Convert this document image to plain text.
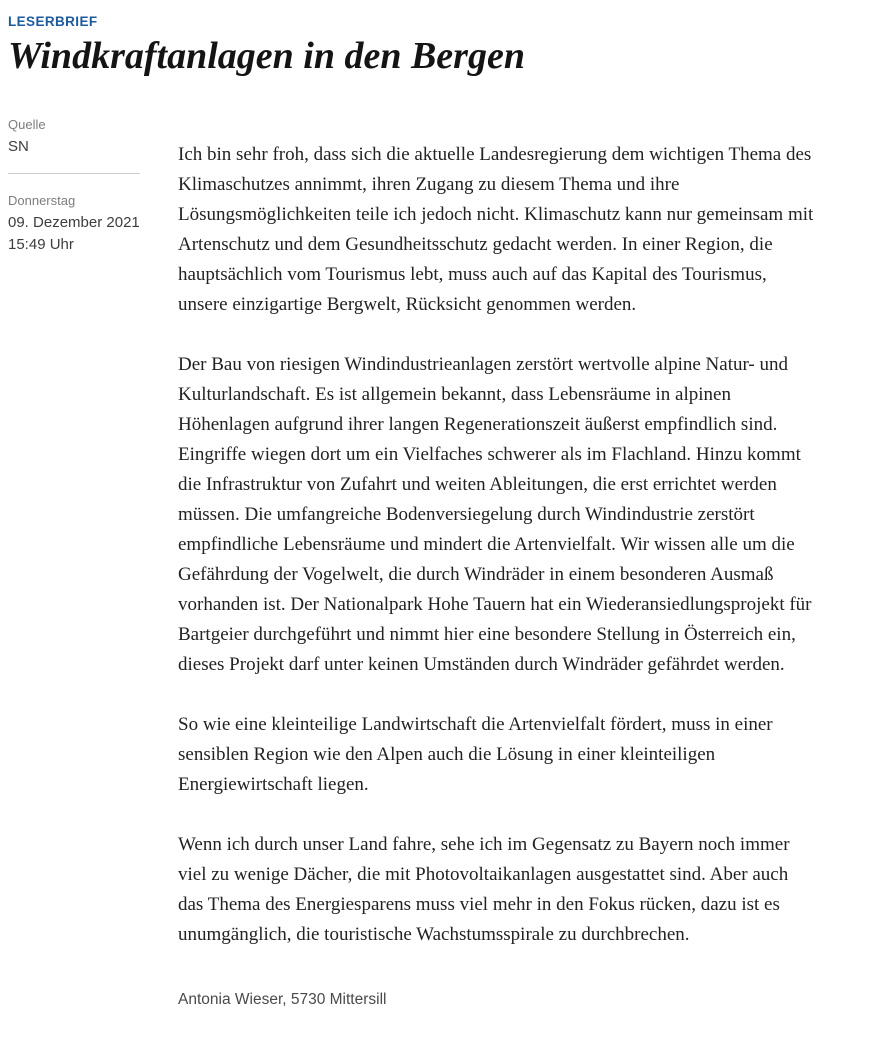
LESERBRIEF
Windkraftanlagen in den Bergen
Quelle
SN
Donnerstag
09. Dezember 2021
15:49 Uhr

Ich bin sehr froh, dass sich die aktuelle Landesregierung dem wichtigen Thema des Klimaschutzes annimmt, ihren Zugang zu diesem Thema und ihre Lösungsmöglichkeiten teile ich jedoch nicht. Klimaschutz kann nur gemeinsam mit Artenschutz und dem Gesundheitsschutz gedacht werden. In einer Region, die hauptsächlich vom Tourismus lebt, muss auch auf das Kapital des Tourismus, unsere einzigartige Bergwelt, Rücksicht genommen werden.

Der Bau von riesigen Windindustrieanlagen zerstört wertvolle alpine Natur- und Kulturlandschaft. Es ist allgemein bekannt, dass Lebensräume in alpinen Höhenlagen aufgrund ihrer langen Regenerationszeit äußerst empfindlich sind. Eingriffe wiegen dort um ein Vielfaches schwerer als im Flachland. Hinzu kommt die Infrastruktur von Zufahrt und weiten Ableitungen, die erst errichtet werden müssen. Die umfangreiche Bodenversiegelung durch Windindustrie zerstört empfindliche Lebensräume und mindert die Artenvielfalt. Wir wissen alle um die Gefährdung der Vogelwelt, die durch Windräder in einem besonderen Ausmaß vorhanden ist. Der Nationalpark Hohe Tauern hat ein Wiederansiedlungsprojekt für Bartgeier durchgeführt und nimmt hier eine besondere Stellung in Österreich ein, dieses Projekt darf unter keinen Umständen durch Windräder gefährdet werden.

So wie eine kleinteilige Landwirtschaft die Artenvielfalt fördert, muss in einer sensiblen Region wie den Alpen auch die Lösung in einer kleinteiligen Energiewirtschaft liegen.

Wenn ich durch unser Land fahre, sehe ich im Gegensatz zu Bayern noch immer viel zu wenige Dächer, die mit Photovoltaikanlagen ausgestattet sind. Aber auch das Thema des Energiesparens muss viel mehr in den Fokus rücken, dazu ist es unumgänglich, die touristische Wachstumsspirale zu durchbrechen.

Antonia Wieser, 5730 Mittersill
